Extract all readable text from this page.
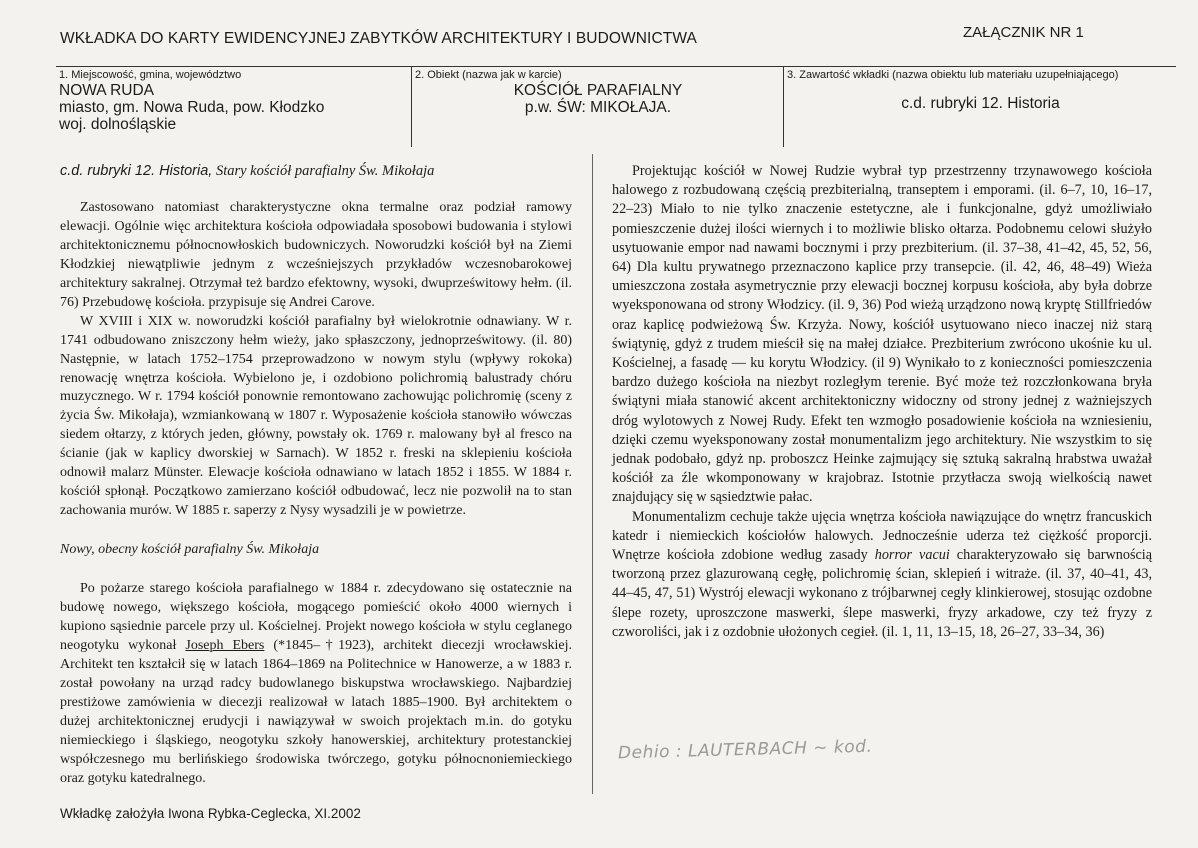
WKŁADKA DO KARTY EWIDENCYJNEJ ZABYTKÓW ARCHITEKTURY I BUDOWNICTWA	ZAŁĄCZNIK NR 1
1. Miejscowość, gmina, województwo
NOWA RUDA
miasto, gm. Nowa Ruda, pow. Kłodzko
woj. dolnośląskie
2. Obiekt (nazwa jak w karcie)
KOŚCIÓŁ PARAFIALNY
p.w. ŚW: MIKOŁAJA.
3. Zawartość wkładki (nazwa obiektu lub materiału uzupełniającego)
c.d. rubryki 12. Historia

c.d. rubryki 12. Historia, Stary kościół parafialny Św. Mikołaja

Zastosowano natomiast charakterystyczne okna termalne oraz podział ramowy elewacji. Ogólnie więc architektura kościoła odpowiadała sposobowi budowania i stylowi architektonicznemu północnowłoskich budowniczych. Noworudzki kościół był na Ziemi Kłodzkiej niewątpliwie jednym z wcześniejszych przykładów wczesnobarokowej architektury sakralnej. Otrzymał też bardzo efektowny, wysoki, dwuprześwitowy hełm. (il. 76) Przebudowę kościoła. przypisuje się Andrei Carove.

W XVIII i XIX w. noworudzki kościół parafialny był wielokrotnie odnawiany. W r. 1741 odbudowano zniszczony hełm wieży, jako spłaszczony, jednoprześwitowy. (il. 80) Następnie, w latach 1752–1754 przeprowadzono w nowym stylu (wpływy rokoka) renowację wnętrza kościoła. Wybielono je, i ozdobiono polichromią balustrady chóru muzycznego. W r. 1794 kościół ponownie remontowano zachowując polichromię (sceny z życia Św. Mikołaja), wzmiankowaną w 1807 r. Wyposażenie kościoła stanowiło wówczas siedem ołtarzy, z których jeden, główny, powstały ok. 1769 r. malowany był al fresco na ścianie (jak w kaplicy dworskiej w Sarnach). W 1852 r. freski na sklepieniu kościoła odnowił malarz Münster. Elewacje kościoła odnawiano w latach 1852 i 1855. W 1884 r. kościół spłonął. Początkowo zamierzano kościół odbudować, lecz nie pozwolił na to stan zachowania murów. W 1885 r. saperzy z Nysy wysadzili je w powietrze.

Nowy, obecny kościół parafialny Św. Mikołaja

Po pożarze starego kościoła parafialnego w 1884 r. zdecydowano się ostatecznie na budowę nowego, większego kościoła, mogącego pomieścić około 4000 wiernych i kupiono sąsiednie parcele przy ul. Kościelnej. Projekt nowego kościoła w stylu ceglanego neogotyku wykonał Joseph Ebers (*1845–†1923), architekt diecezji wrocławskiej. Architekt ten kształcił się w latach 1864–1869 na Politechnice w Hanowerze, a w 1883 r. został powołany na urząd radcy budowlanego biskupstwa wrocławskiego. Najbardziej prestiżowe zamówienia w diecezji realizował w latach 1885–1900. Był architektem o dużej architektonicznej erudycji i nawiązywał w swoich projektach m.in. do gotyku niemieckiego i śląskiego, neogotyku szkoły hanowerskiej, architektury protestanckiej współczesnego mu berlińskiego środowiska twórczego, gotyku północnoniemieckiego oraz gotyku katedralnego.

Projektując kościół w Nowej Rudzie wybrał typ przestrzenny trzynawowego kościoła halowego z rozbudowaną częścią prezbiterialną, transeptem i emporami. (il. 6–7, 10, 16–17, 22–23) Miało to nie tylko znaczenie estetyczne, ale i funkcjonalne, gdyż umożliwiało pomieszczenie dużej ilości wiernych i to możliwie blisko ołtarza. Podobnemu celowi służyło usytuowanie empor nad nawami bocznymi i przy prezbiterium. (il. 37–38, 41–42, 45, 52, 56, 64) Dla kultu prywatnego przeznaczono kaplice przy transepcie. (il. 42, 46, 48–49) Wieża umieszczona została asymetrycznie przy elewacji bocznej korpusu kościoła, aby była dobrze wyeksponowana od strony Włodzicy. (il. 9, 36) Pod wieżą urządzono nową kryptę Stillfriedów oraz kaplicę podwieżową Św. Krzyża. Nowy, kościół usytuowano nieco inaczej niż starą świątynię, gdyż z trudem mieścił się na małej działce. Prezbiterium zwrócono ukośnie ku ul. Kościelnej, a fasadę — ku korytu Włodzicy. (il 9) Wynikało to z konieczności pomieszczenia bardzo dużego kościoła na niezbyt rozległym terenie. Być może też rozczłonkowana bryła świątyni miała stanowić akcent architektoniczny widoczny od strony jednej z ważniejszych dróg wylotowych z Nowej Rudy. Efekt ten wzmogło posadowienie kościoła na wzniesieniu, dzięki czemu wyeksponowany został monumentalizm jego architektury. Nie wszystkim to się jednak podobało, gdyż np. proboszcz Heinke zajmujący się sztuką sakralną hrabstwa uważał kościół za źle wkomponowany w krajobraz. Istotnie przytłacza swoją wielkością nawet znajdujący się w sąsiedztwie pałac.

Monumentalizm cechuje także ujęcia wnętrza kościoła nawiązujące do wnętrz francuskich katedr i niemieckich kościołów halowych. Jednocześnie uderza też ciężkość proporcji. Wnętrze kościoła zdobione według zasady horror vacui charakteryzowało się barwnością tworzoną przez glazurowaną cegłę, polichromię ścian, sklepień i witraże. (il. 37, 40–41, 43, 44–45, 47, 51) Wystrój elewacji wykonano z trójbarwnej cegły klinkierowej, stosując ozdobne ślepe rozety, uproszczone maswerki, ślepe maswerki, fryzy arkadowe, czy też fryzy z czworoliści, jak i z ozdobnie ułożonych cegieł. (il. 1, 11, 13–15, 18, 26–27, 33–34, 36)

Dehio : LAUTERBACH ~ kod.
Wkładkę założyła Iwona Rybka-Ceglecka, XI.2002
